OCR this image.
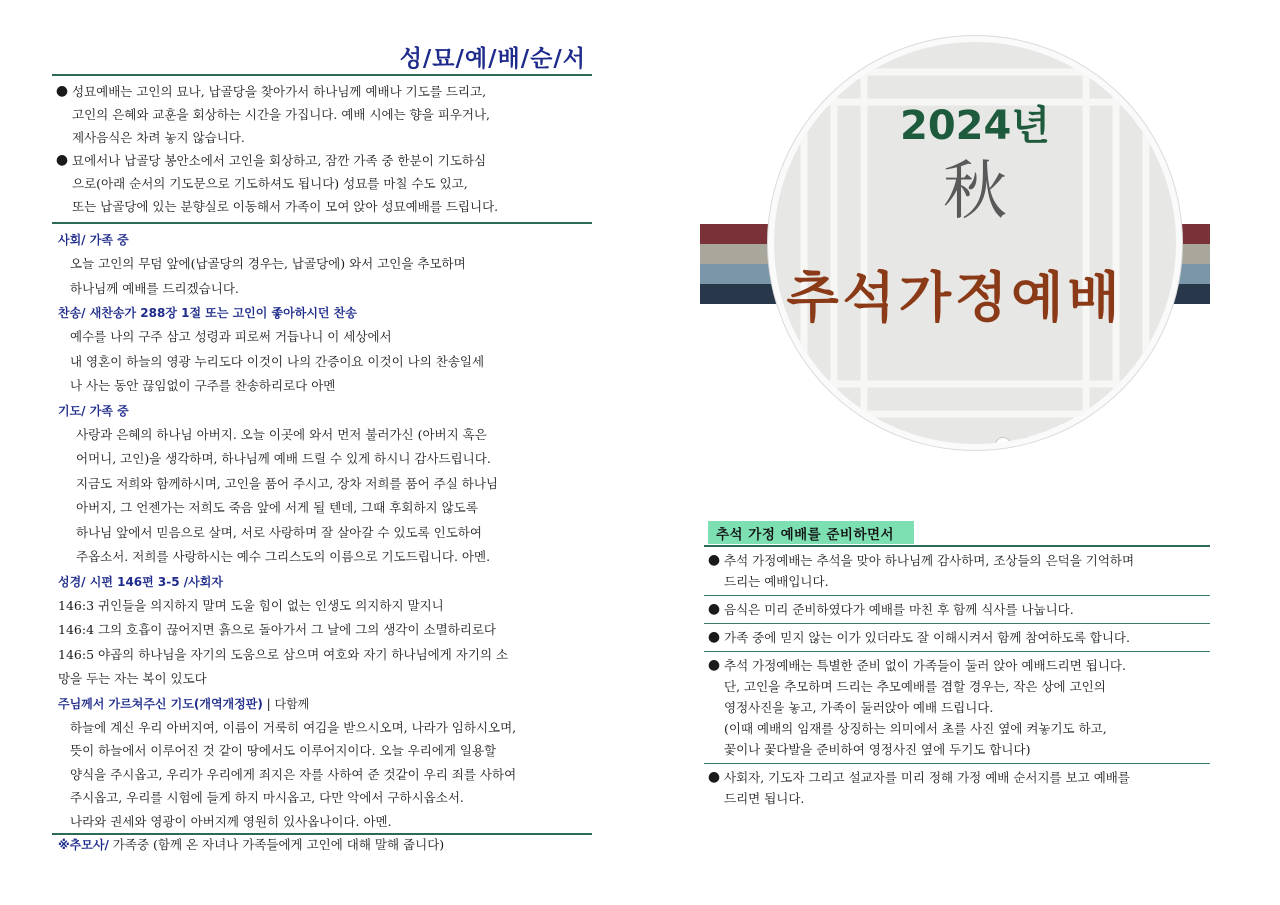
성/묘/예/배/순/서
● 성묘예배는 고인의 묘나, 납골당을 찾아가서 하나님께 예배나 기도를 드리고,
고인의 은혜와 교훈을 회상하는 시간을 가집니다. 예배 시에는 향을 피우거나,
제사음식은 차려 놓지 않습니다.
● 묘에서나 납골당 봉안소에서 고인을 회상하고, 잠깐 가족 중 한분이 기도하심
으로(아래 순서의 기도문으로 기도하셔도 됩니다) 성묘를 마칠 수도 있고,
또는 납골당에 있는 분향실로 이동해서 가족이 모여 앉아 성묘예배를 드립니다.
사회/ 가족 중
오늘 고인의 무덤 앞에(납골당의 경우는, 납골당에) 와서 고인을 추모하며
하나님께 예배를 드리겠습니다.
찬송/ 새찬송가 288장 1절 또는 고인이 좋아하시던 찬송
예수를 나의 구주 삼고 성령과 피로써 거듭나니 이 세상에서
내 영혼이 하늘의 영광 누리도다 이것이 나의 간증이요 이것이 나의 찬송일세
나 사는 동안 끊임없이 구주를 찬송하리로다 아멘
기도/ 가족 중
사랑과 은혜의 하나님 아버지. 오늘 이곳에 와서 먼저 불러가신 (아버지 혹은
어머니, 고인)을 생각하며, 하나님께 예배 드릴 수 있게 하시니 감사드립니다.
지금도 저희와 함께하시며, 고인을 품어 주시고, 장차 저희를 품어 주실 하나님
아버지, 그 언젠가는 저희도 죽음 앞에 서게 될 텐데, 그때 후회하지 않도록
하나님 앞에서 믿음으로 살며, 서로 사랑하며 잘 살아갈 수 있도록 인도하여
주옵소서. 저희를 사랑하시는 예수 그리스도의 이름으로 기도드립니다. 아멘.
성경/ 시편 146편 3-5 /사회자
146:3 귀인들을 의지하지 말며 도울 힘이 없는 인생도 의지하지 말지니
146:4 그의 호흡이 끊어지면 흙으로 돌아가서 그 날에 그의 생각이 소멸하리로다
146:5 야곱의 하나님을 자기의 도움으로 삼으며 여호와 자기 하나님에게 자기의 소
망을 두는 자는 복이 있도다
주님께서 가르쳐주신 기도(개역개정판) | 다함께
하늘에 계신 우리 아버지여, 이름이 거룩히 여김을 받으시오며, 나라가 임하시오며,
뜻이 하늘에서 이루어진 것 같이 땅에서도 이루어지이다. 오늘 우리에게 일용할
양식을 주시옵고, 우리가 우리에게 죄지은 자를 사하여 준 것같이 우리 죄를 사하여
주시옵고, 우리를 시험에 들게 하지 마시옵고, 다만 악에서 구하시옵소서.
나라와 권세와 영광이 아버지께 영원히 있사옵나이다. 아멘.
※추모사/ 가족중 (함께 온 자녀나 가족들에게 고인에 대해 말해 줍니다)
2024년
秋
추석가정예배
추석 가정 예배를 준비하면서
● 추석 가정예배는 추석을 맞아 하나님께 감사하며, 조상들의 은덕을 기억하며
드리는 예배입니다.
● 음식은 미리 준비하였다가 예배를 마친 후 함께 식사를 나눕니다.
● 가족 중에 믿지 않는 이가 있더라도 잘 이해시켜서 함께 참여하도록 합니다.
● 추석 가정예배는 특별한 준비 없이 가족들이 둘러 앉아 예배드리면 됩니다.
단, 고인을 추모하며 드리는 추모예배를 겸할 경우는, 작은 상에 고인의
영정사진을 놓고, 가족이 둘러앉아 예배 드립니다.
(이때 예배의 임재를 상징하는 의미에서 초를 사진 옆에 켜놓기도 하고,
꽃이나 꽃다발을 준비하여 영정사진 옆에 두기도 합니다)
● 사회자, 기도자 그리고 설교자를 미리 정해 가정 예배 순서지를 보고 예배를
드리면 됩니다.
